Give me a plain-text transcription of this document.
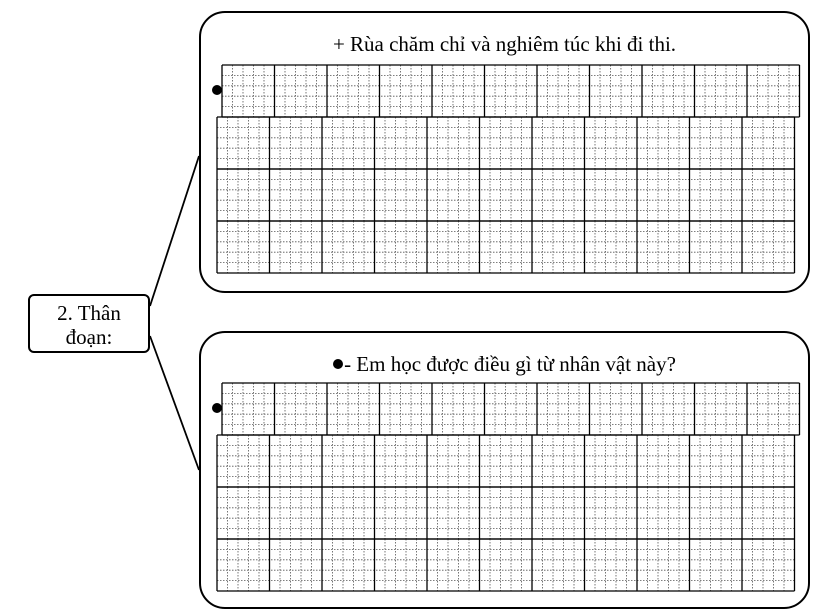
2. Thân
đoạn:
+ Rùa chăm chỉ và nghiêm túc khi đi thi.
- Em học được điều gì từ nhân vật này?
